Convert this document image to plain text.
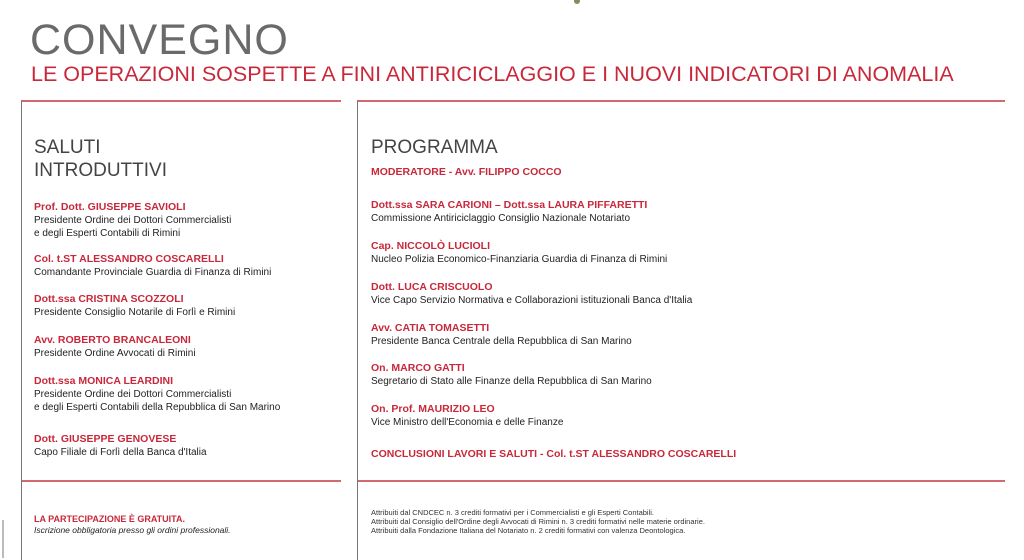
CONVEGNO
LE OPERAZIONI SOSPETTE A FINI ANTIRICICLAGGIO E I NUOVI INDICATORI DI ANOMALIA
SALUTI
INTRODUTTIVI
Prof. Dott. GIUSEPPE SAVIOLI
Presidente Ordine dei Dottori Commercialisti
e degli Esperti Contabili di Rimini
Col. t.ST ALESSANDRO COSCARELLI
Comandante Provinciale Guardia di Finanza di Rimini
Dott.ssa CRISTINA SCOZZOLI
Presidente Consiglio Notarile di Forlì e Rimini
Avv. ROBERTO BRANCALEONI
Presidente Ordine Avvocati di Rimini
Dott.ssa MONICA LEARDINI
Presidente Ordine dei Dottori Commercialisti
e degli Esperti Contabili della Repubblica di San Marino
Dott. GIUSEPPE GENOVESE
Capo Filiale di Forlì della Banca d'Italia
PROGRAMMA
MODERATORE - Avv. FILIPPO COCCO
Dott.ssa SARA CARIONI – Dott.ssa LAURA PIFFARETTI
Commissione Antiriciclaggio Consiglio Nazionale Notariato
Cap. NICCOLÒ LUCIOLI
Nucleo Polizia Economico-Finanziaria Guardia di Finanza di Rimini
Dott. LUCA CRISCUOLO
Vice Capo Servizio Normativa e Collaborazioni istituzionali Banca d'Italia
Avv. CATIA TOMASETTI
Presidente Banca Centrale della Repubblica di San Marino
On. MARCO GATTI
Segretario di Stato alle Finanze della Repubblica di San Marino
On. Prof. MAURIZIO LEO
Vice Ministro dell'Economia e delle Finanze
CONCLUSIONI LAVORI E SALUTI - Col. t.ST ALESSANDRO COSCARELLI
LA PARTECIPAZIONE È GRATUITA.
Iscrizione obbligatoria presso gli ordini professionali.
Attribuiti dal CNDCEC n. 3 crediti formativi per i Commercialisti e gli Esperti Contabili.
Attribuiti dal Consiglio dell'Ordine degli Avvocati di Rimini n. 3 crediti formativi nelle materie ordinarie.
Attribuiti dalla Fondazione Italiana del Notariato n. 2 crediti formativi con valenza Deontologica.
